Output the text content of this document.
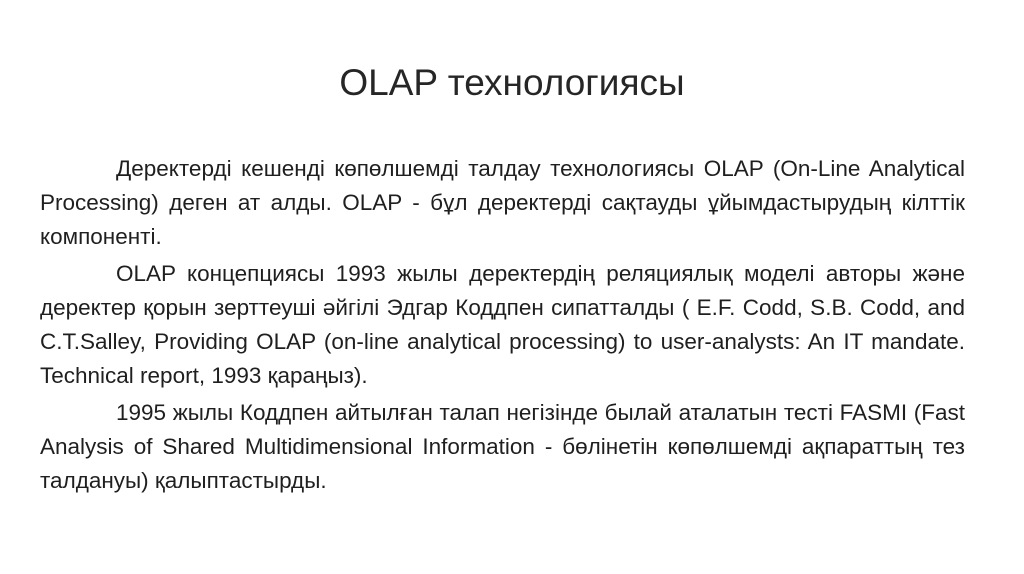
OLAP технологиясы

Деректерді кешенді көпөлшемді талдау технологиясы OLAP (On-Line Analytical Processing) деген ат алды. OLAP - бұл деректерді сақтауды ұйымдастырудың кілттік компоненті.

OLAP концепциясы 1993 жылы деректердің реляциялық моделі авторы және деректер қорын зерттеуші әйгілі Эдгар Коддпен сипатталды ( E.F. Codd, S.B. Codd, and C.T.Salley, Providing OLAP (on-line analytical processing) to user-analysts: An IT mandate. Technical report, 1993 қараңыз).

1995 жылы Коддпен айтылған талап негізінде былай аталатын тесті FASMI (Fast Analysis of Shared Multidimensional Information - бөлінетін көпөлшемді ақпараттың тез талдануы) қалыптастырды.
